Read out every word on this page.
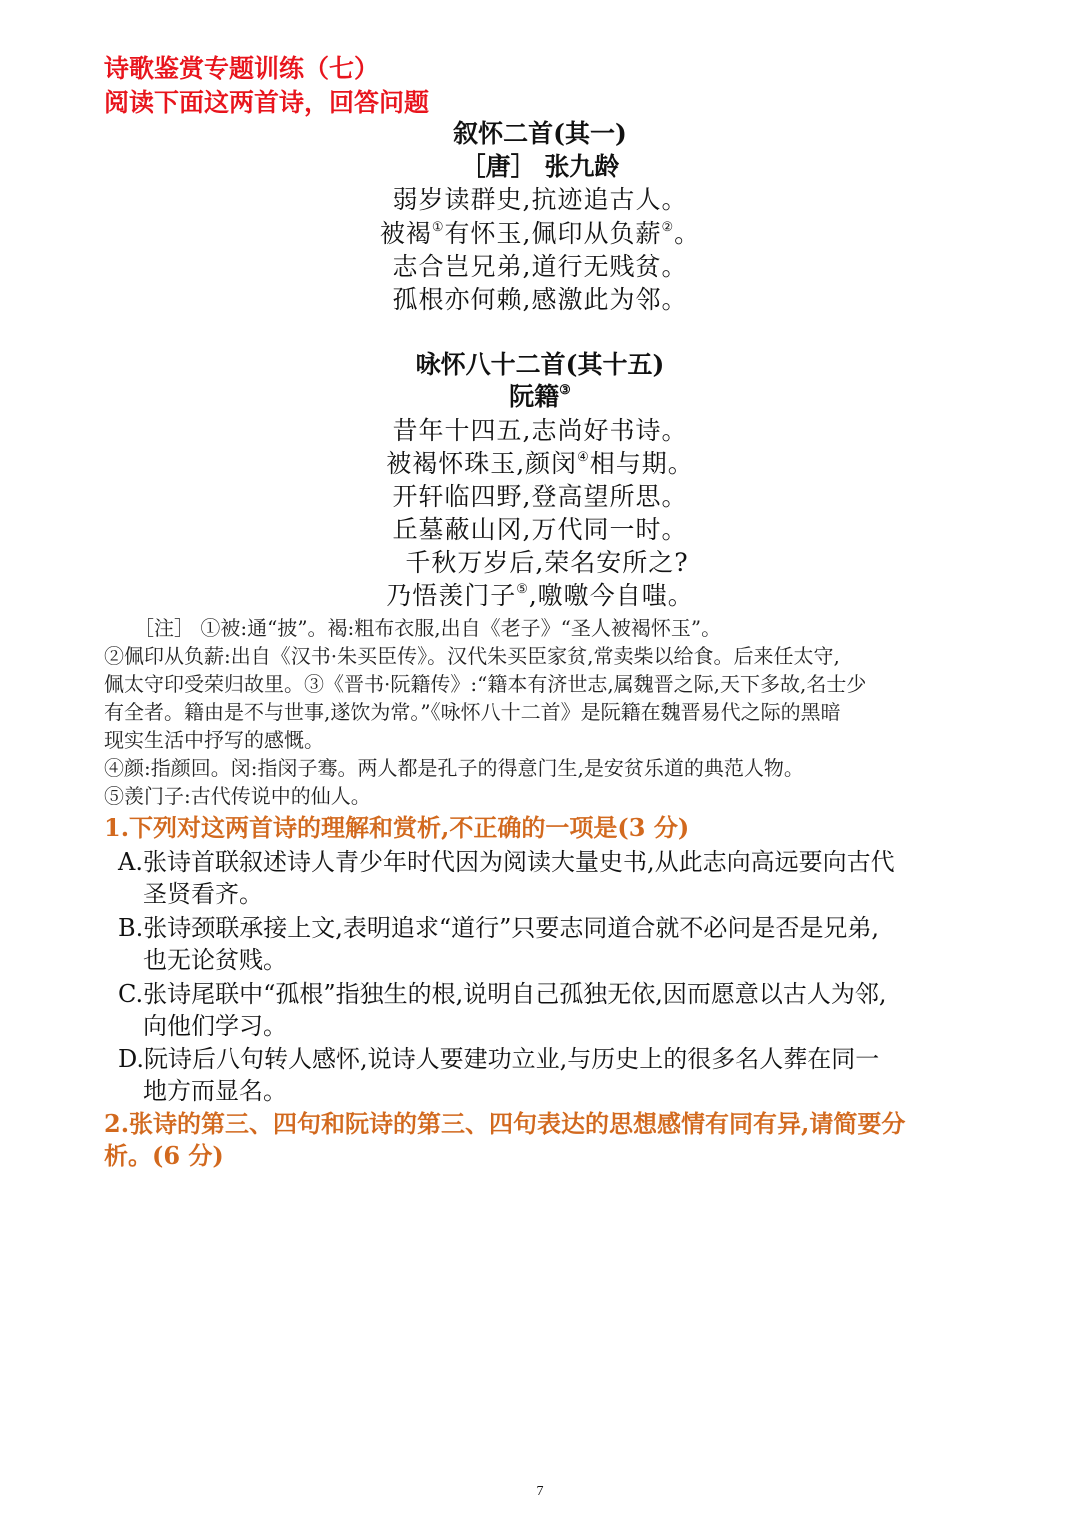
诗歌鉴赏专题训练（七）
阅读下面这两首诗，回答问题
叙怀二首(其一)
［唐］ 张九龄
弱岁读群史,抗迹追古人。
被褐①有怀玉,佩印从负薪②。
志合岂兄弟,道行无贱贫。
孤根亦何赖,感激此为邻。
咏怀八十二首(其十五)
阮籍③
昔年十四五,志尚好书诗。
被褐怀珠玉,颜闵④相与期。
开轩临四野,登高望所思。
丘墓蔽山冈,万代同一时。
千秋万岁后,荣名安所之?
乃悟羡门子⑤,噭噭今自嗤。
［注］ ①被:通“披”。褐:粗布衣服,出自《老子》“圣人被褐怀玉”。
②佩印从负薪:出自《汉书·朱买臣传》。汉代朱买臣家贫,常卖柴以给食。后来任太守,
佩太守印受荣归故里。③《晋书·阮籍传》:“籍本有济世志,属魏晋之际,天下多故,名士少
有全者。籍由是不与世事,遂饮为常。”《咏怀八十二首》是阮籍在魏晋易代之际的黑暗
现实生活中抒写的感慨。
④颜:指颜回。闵:指闵子骞。两人都是孔子的得意门生,是安贫乐道的典范人物。
⑤羡门子:古代传说中的仙人。
1.下列对这两首诗的理解和赏析,不正确的一项是(3 分)
A.张诗首联叙述诗人青少年时代因为阅读大量史书,从此志向高远要向古代
圣贤看齐。
B.张诗颈联承接上文,表明追求“道行”只要志同道合就不必问是否是兄弟,
也无论贫贱。
C.张诗尾联中“孤根”指独生的根,说明自己孤独无依,因而愿意以古人为邻,
向他们学习。
D.阮诗后八句转人感怀,说诗人要建功立业,与历史上的很多名人葬在同一
地方而显名。
2.张诗的第三、四句和阮诗的第三、四句表达的思想感情有同有异,请简要分
析。(6 分)
7
